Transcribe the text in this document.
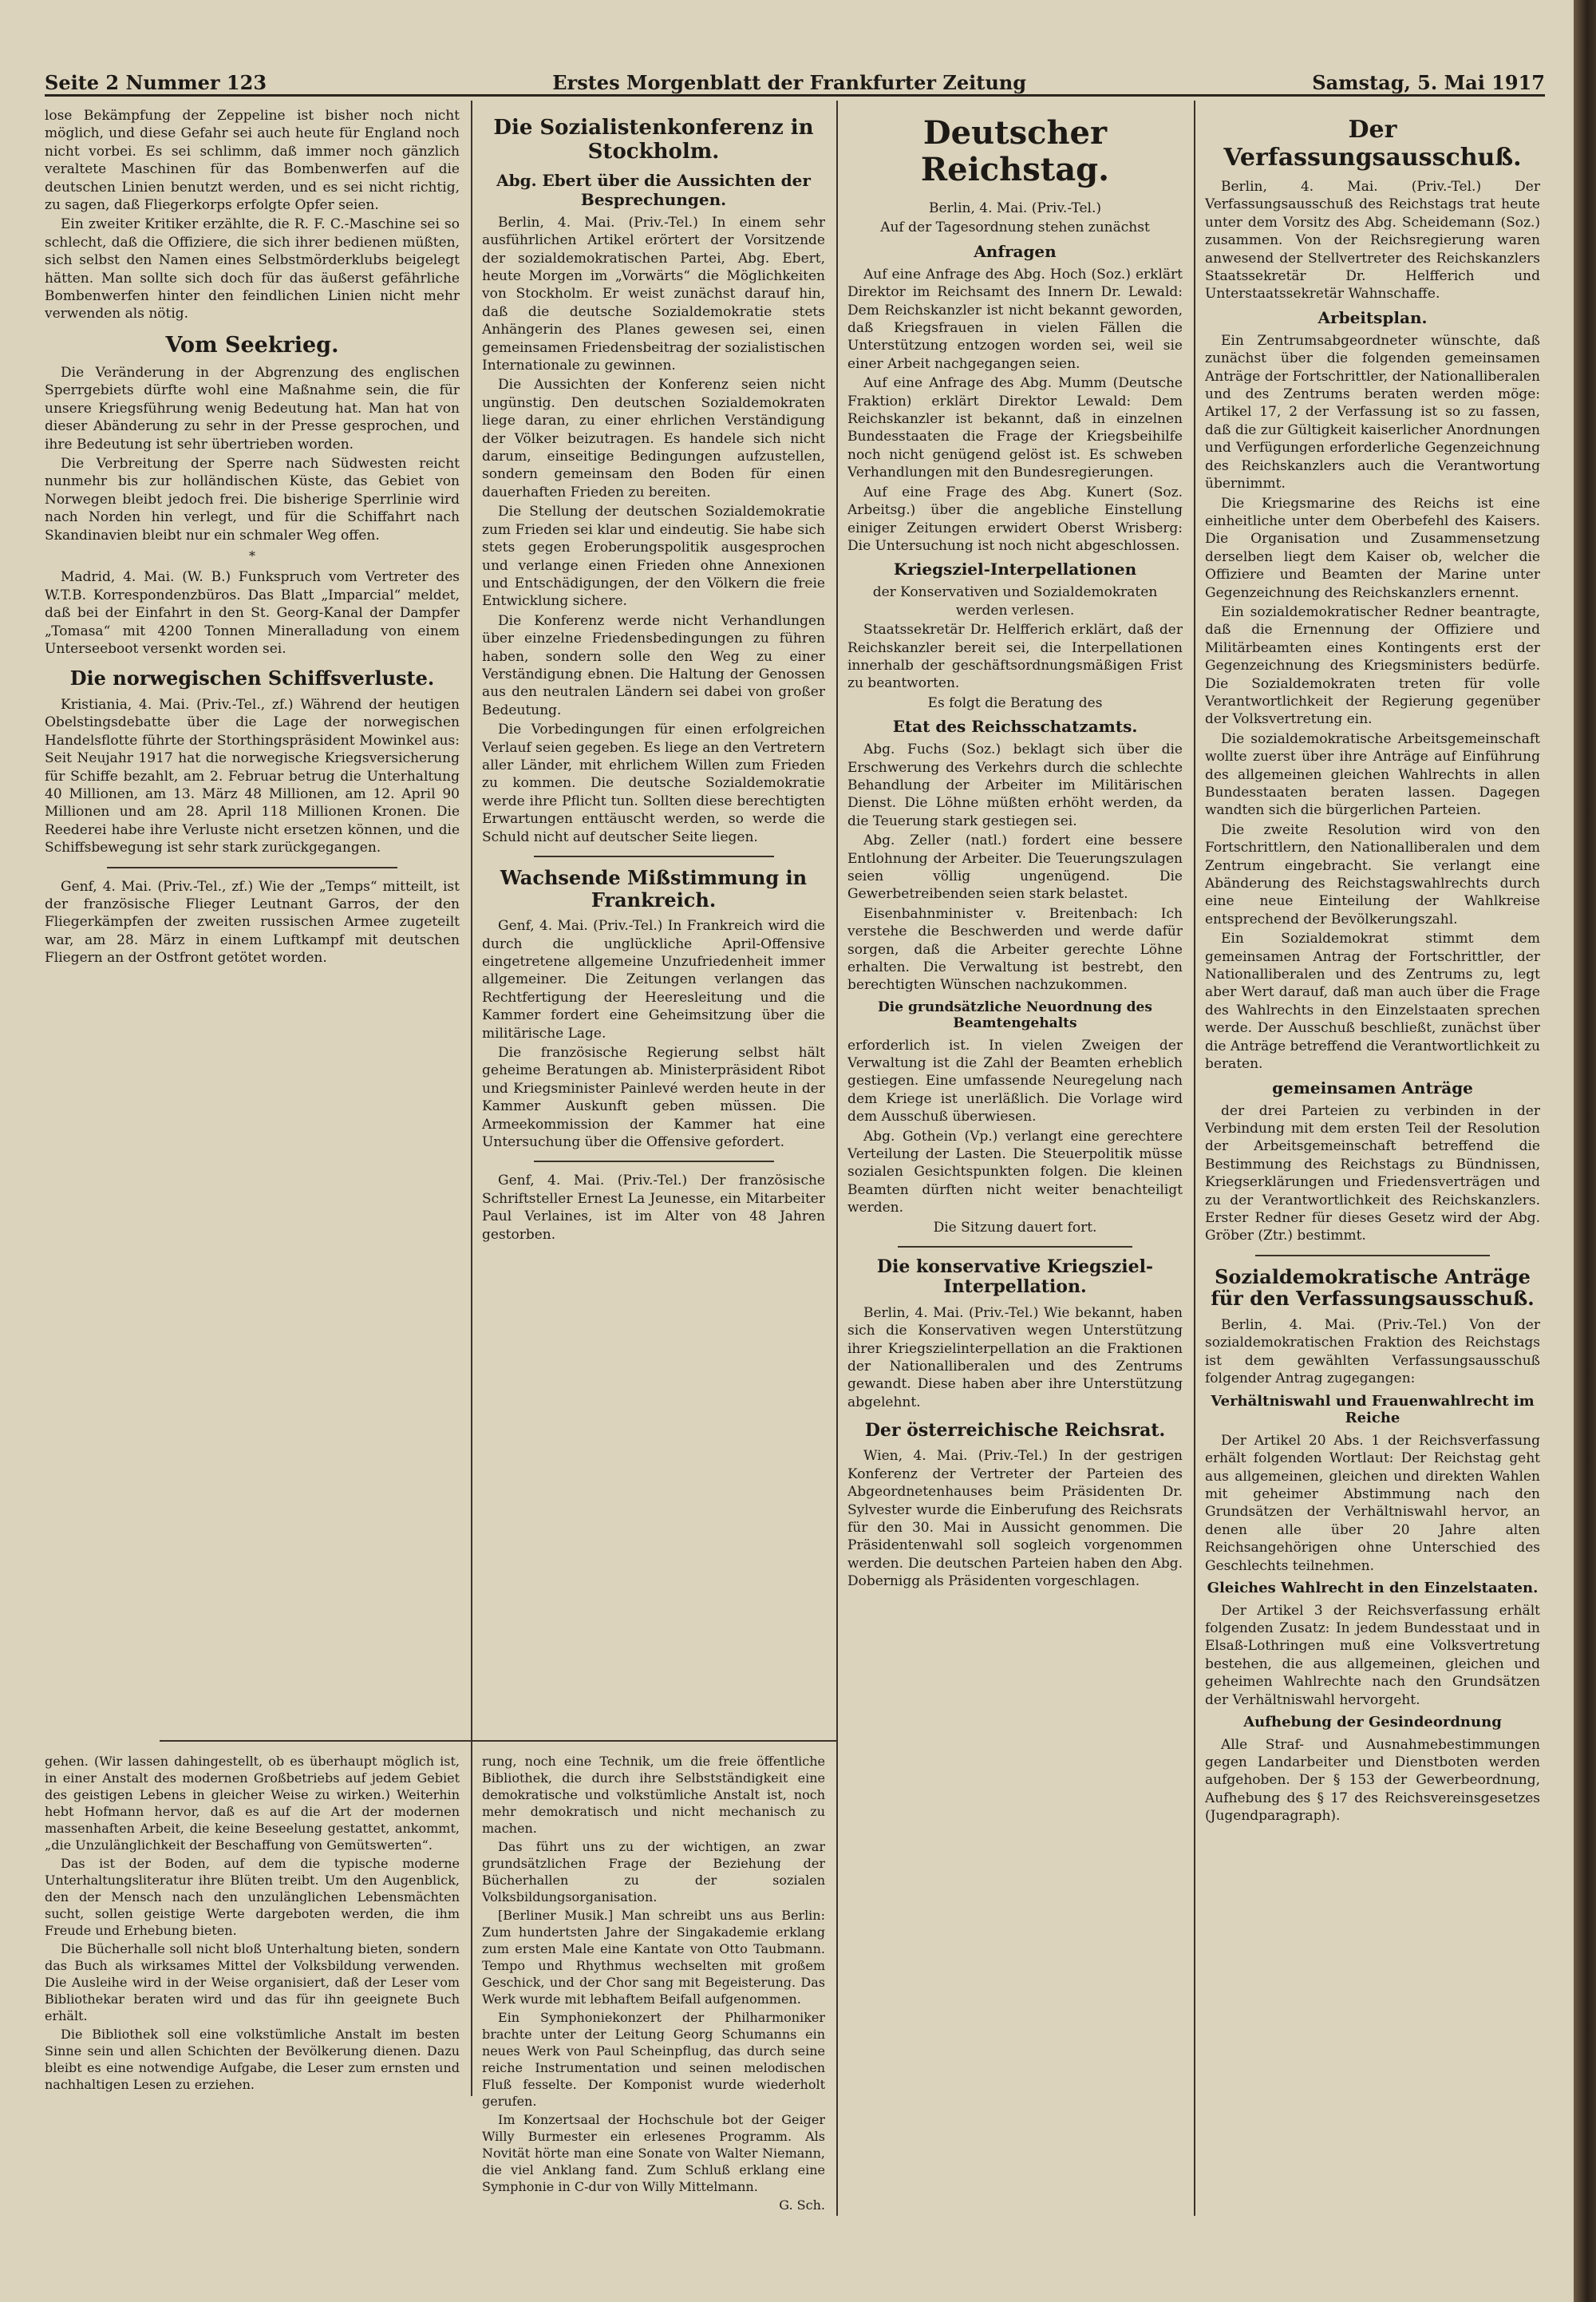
Seite 2 Nummer 123	Erstes Morgenblatt der Frankfurter Zeitung	Samstag, 5. Mai 1917

lose Bekämpfung der Zeppeline ist bisher noch nicht möglich, und diese Gefahr sei auch heute für England noch nicht vorbei. Es sei schlimm, daß immer noch gänzlich veraltete Maschinen für das Bombenwerfen auf die deutschen Linien benutzt werden, und es sei nicht richtig, zu sagen, daß Fliegerkorps erfolgte Opfer seien.

Ein zweiter Kritiker erzählte, die R. F. C.-Maschine sei so schlecht, daß die Offiziere, die sich ihrer bedienen müßten, sich selbst den Namen eines Selbstmörderklubs beigelegt hätten. Man sollte sich doch für das äußerst gefährliche Bombenwerfen hinter den feindlichen Linien nicht mehr verwenden als nötig.

Vom Seekrieg.

Die Veränderung in der Abgrenzung des englischen Sperrgebiets dürfte wohl eine Maßnahme sein, die für unsere Kriegsführung wenig Bedeutung hat. Man hat von dieser Abänderung zu sehr in der Presse gesprochen, und ihre Bedeutung ist sehr übertrieben worden.

Die Verbreitung der Sperre nach Südwesten reicht nunmehr bis zur holländischen Küste, das Gebiet von Norwegen bleibt jedoch frei. Die bisherige Sperrlinie wird nach Norden hin verlegt, und für die Schiffahrt nach Skandinavien bleibt nur ein schmaler Weg offen.

*

Madrid, 4. Mai. (W. B.) Funkspruch vom Vertreter des W.T.B. Korrespondenzbüros. Das Blatt „Imparcial“ meldet, daß bei der Einfahrt in den St. Georg-Kanal der Dampfer „Tomasa“ mit 4200 Tonnen Mineralladung von einem Unterseeboot versenkt worden sei.

Die norwegischen Schiffsverluste.

Kristiania, 4. Mai. (Priv.-Tel., zf.) Während der heutigen Obelstingsdebatte über die Lage der norwegischen Handelsflotte führte der Storthingspräsident Mowinkel aus: Seit Neujahr 1917 hat die norwegische Kriegsversicherung für Schiffe bezahlt, am 2. Februar betrug die Unterhaltung 40 Millionen, am 13. März 48 Millionen, am 12. April 90 Millionen und am 28. April 118 Millionen Kronen. Die Reederei habe ihre Verluste nicht ersetzen können, und die Schiffsbewegung ist sehr stark zurückgegangen.

Genf, 4. Mai. (Priv.-Tel., zf.) Wie der „Temps“ mitteilt, ist der französische Flieger Leutnant Garros, der den Fliegerkämpfen der zweiten russischen Armee zugeteilt war, am 28. März in einem Luftkampf mit deutschen Fliegern an der Ostfront getötet worden.

Die Sozialistenkonferenz in Stockholm.
Abg. Ebert über die Aussichten der Besprechungen.

Berlin, 4. Mai. (Priv.-Tel.) In einem sehr ausführlichen Artikel erörtert der Vorsitzende der sozialdemokratischen Partei, Abg. Ebert, heute Morgen im „Vorwärts“ die Möglichkeiten von Stockholm. Er weist zunächst darauf hin, daß die deutsche Sozialdemokratie stets Anhängerin des Planes gewesen sei, einen gemeinsamen Friedensbeitrag der sozialistischen Internationale zu gewinnen.

Die Aussichten der Konferenz seien nicht ungünstig. Den deutschen Sozialdemokraten liege daran, zu einer ehrlichen Verständigung der Völker beizutragen. Es handele sich nicht darum, einseitige Bedingungen aufzustellen, sondern gemeinsam den Boden für einen dauerhaften Frieden zu bereiten.

Die Stellung der deutschen Sozialdemokratie zum Frieden sei klar und eindeutig. Sie habe sich stets gegen Eroberungspolitik ausgesprochen und verlange einen Frieden ohne Annexionen und Entschädigungen, der den Völkern die freie Entwicklung sichere.

Die Konferenz werde nicht Verhandlungen über einzelne Friedensbedingungen zu führen haben, sondern solle den Weg zu einer Verständigung ebnen. Die Haltung der Genossen aus den neutralen Ländern sei dabei von großer Bedeutung.

Die Vorbedingungen für einen erfolgreichen Verlauf seien gegeben. Es liege an den Vertretern aller Länder, mit ehrlichem Willen zum Frieden zu kommen. Die deutsche Sozialdemokratie werde ihre Pflicht tun. Sollten diese berechtigten Erwartungen enttäuscht werden, so werde die Schuld nicht auf deutscher Seite liegen.

Wachsende Mißstimmung in Frankreich.

Genf, 4. Mai. (Priv.-Tel.) In Frankreich wird die durch die unglückliche April-Offensive eingetretene allgemeine Unzufriedenheit immer allgemeiner. Die Zeitungen verlangen das Rechtfertigung der Heeresleitung und die Kammer fordert eine Geheimsitzung über die militärische Lage.

Die französische Regierung selbst hält geheime Beratungen ab. Ministerpräsident Ribot und Kriegsminister Painlevé werden heute in der Kammer Auskunft geben müssen. Die Armeekommission der Kammer hat eine Untersuchung über die Offensive gefordert.

Genf, 4. Mai. (Priv.-Tel.) Der französische Schriftsteller Ernest La Jeunesse, ein Mitarbeiter Paul Verlaines, ist im Alter von 48 Jahren gestorben.

Deutscher Reichstag.

Berlin, 4. Mai. (Priv.-Tel.)

Auf der Tagesordnung stehen zunächst

Anfragen

Auf eine Anfrage des Abg. Hoch (Soz.) erklärt Direktor im Reichsamt des Innern Dr. Lewald: Dem Reichskanzler ist nicht bekannt geworden, daß Kriegsfrauen in vielen Fällen die Unterstützung entzogen worden sei, weil sie einer Arbeit nachgegangen seien.

Auf eine Anfrage des Abg. Mumm (Deutsche Fraktion) erklärt Direktor Lewald: Dem Reichskanzler ist bekannt, daß in einzelnen Bundesstaaten die Frage der Kriegsbeihilfe noch nicht genügend gelöst ist. Es schweben Verhandlungen mit den Bundesregierungen.

Auf eine Frage des Abg. Kunert (Soz. Arbeitsg.) über die angebliche Einstellung einiger Zeitungen erwidert Oberst Wrisberg: Die Untersuchung ist noch nicht abgeschlossen.

Kriegsziel-Interpellationen

der Konservativen und Sozialdemokraten werden verlesen.

Staatssekretär Dr. Helfferich erklärt, daß der Reichskanzler bereit sei, die Interpellationen innerhalb der geschäftsordnungsmäßigen Frist zu beantworten.

Es folgt die Beratung des

Etat des Reichsschatzamts.

Abg. Fuchs (Soz.) beklagt sich über die Erschwerung des Verkehrs durch die schlechte Behandlung der Arbeiter im Militärischen Dienst. Die Löhne müßten erhöht werden, da die Teuerung stark gestiegen sei.

Abg. Zeller (natl.) fordert eine bessere Entlohnung der Arbeiter. Die Teuerungszulagen seien völlig ungenügend. Die Gewerbetreibenden seien stark belastet.

Eisenbahnminister v. Breitenbach: Ich verstehe die Beschwerden und werde dafür sorgen, daß die Arbeiter gerechte Löhne erhalten. Die Verwaltung ist bestrebt, den berechtigten Wünschen nachzukommen.

Die grundsätzliche Neuordnung des Beamtengehalts

erforderlich ist. In vielen Zweigen der Verwaltung ist die Zahl der Beamten erheblich gestiegen. Eine umfassende Neuregelung nach dem Kriege ist unerläßlich. Die Vorlage wird dem Ausschuß überwiesen.

Abg. Gothein (Vp.) verlangt eine gerechtere Verteilung der Lasten. Die Steuerpolitik müsse sozialen Gesichtspunkten folgen. Die kleinen Beamten dürften nicht weiter benachteiligt werden.

Die Sitzung dauert fort.

Die konservative Kriegsziel-Interpellation.

Berlin, 4. Mai. (Priv.-Tel.) Wie bekannt, haben sich die Konservativen wegen Unterstützung ihrer Kriegszielinterpellation an die Fraktionen der Nationalliberalen und des Zentrums gewandt. Diese haben aber ihre Unterstützung abgelehnt.

Der österreichische Reichsrat.

Wien, 4. Mai. (Priv.-Tel.) In der gestrigen Konferenz der Vertreter der Parteien des Abgeordnetenhauses beim Präsidenten Dr. Sylvester wurde die Einberufung des Reichsrats für den 30. Mai in Aussicht genommen. Die Präsidentenwahl soll sogleich vorgenommen werden. Die deutschen Parteien haben den Abg. Dobernigg als Präsidenten vorgeschlagen.

Der Verfassungsausschuß.

Berlin, 4. Mai. (Priv.-Tel.) Der Verfassungsausschuß des Reichstags trat heute unter dem Vorsitz des Abg. Scheidemann (Soz.) zusammen. Von der Reichsregierung waren anwesend der Stellvertreter des Reichskanzlers Staatssekretär Dr. Helfferich und Unterstaatssekretär Wahnschaffe.

Arbeitsplan.

Ein Zentrumsabgeordneter wünschte, daß zunächst über die folgenden gemeinsamen Anträge der Fortschrittler, der Nationalliberalen und des Zentrums beraten werden möge: Artikel 17, 2 der Verfassung ist so zu fassen, daß die zur Gültigkeit kaiserlicher Anordnungen und Verfügungen erforderliche Gegenzeichnung des Reichskanzlers auch die Verantwortung übernimmt.

Die Kriegsmarine des Reichs ist eine einheitliche unter dem Oberbefehl des Kaisers. Die Organisation und Zusammensetzung derselben liegt dem Kaiser ob, welcher die Offiziere und Beamten der Marine unter Gegenzeichnung des Reichskanzlers ernennt.

Ein sozialdemokratischer Redner beantragte, daß die Ernennung der Offiziere und Militärbeamten eines Kontingents erst der Gegenzeichnung des Kriegsministers bedürfe. Die Sozialdemokraten treten für volle Verantwortlichkeit der Regierung gegenüber der Volksvertretung ein.

Die sozialdemokratische Arbeitsgemeinschaft wollte zuerst über ihre Anträge auf Einführung des allgemeinen gleichen Wahlrechts in allen Bundesstaaten beraten lassen. Dagegen wandten sich die bürgerlichen Parteien.

Die zweite Resolution wird von den Fortschrittlern, den Nationalliberalen und dem Zentrum eingebracht. Sie verlangt eine Abänderung des Reichstagswahlrechts durch eine neue Einteilung der Wahlkreise entsprechend der Bevölkerungszahl.

Ein Sozialdemokrat stimmt dem gemeinsamen Antrag der Fortschrittler, der Nationalliberalen und des Zentrums zu, legt aber Wert darauf, daß man auch über die Frage des Wahlrechts in den Einzelstaaten sprechen werde. Der Ausschuß beschließt, zunächst über die Anträge betreffend die Verantwortlichkeit zu beraten.

gemeinsamen Anträge

der drei Parteien zu verbinden in der Verbindung mit dem ersten Teil der Resolution der Arbeitsgemeinschaft betreffend die Bestimmung des Reichstags zu Bündnissen, Kriegserklärungen und Friedensverträgen und zu der Verantwortlichkeit des Reichskanzlers. Erster Redner für dieses Gesetz wird der Abg. Gröber (Ztr.) bestimmt.

Sozialdemokratische Anträge für den Verfassungsausschuß.

Berlin, 4. Mai. (Priv.-Tel.) Von der sozialdemokratischen Fraktion des Reichstags ist dem gewählten Verfassungsausschuß folgender Antrag zugegangen:

Verhältniswahl und Frauenwahlrecht im Reiche

Der Artikel 20 Abs. 1 der Reichsverfassung erhält folgenden Wortlaut: Der Reichstag geht aus allgemeinen, gleichen und direkten Wahlen mit geheimer Abstimmung nach den Grundsätzen der Verhältniswahl hervor, an denen alle über 20 Jahre alten Reichsangehörigen ohne Unterschied des Geschlechts teilnehmen.

Gleiches Wahlrecht in den Einzelstaaten.

Der Artikel 3 der Reichsverfassung erhält folgenden Zusatz: In jedem Bundesstaat und in Elsaß-Lothringen muß eine Volksvertretung bestehen, die aus allgemeinen, gleichen und geheimen Wahlrechte nach den Grundsätzen der Verhältniswahl hervorgeht.

Aufhebung der Gesindeordnung

Alle Straf- und Ausnahmebestimmungen gegen Landarbeiter und Dienstboten werden aufgehoben. Der § 153 der Gewerbeordnung, Aufhebung des § 17 des Reichsvereinsgesetzes (Jugendparagraph).

gehen. (Wir lassen dahingestellt, ob es überhaupt möglich ist, in einer Anstalt des modernen Großbetriebs auf jedem Gebiet des geistigen Lebens in gleicher Weise zu wirken.) Weiterhin hebt Hofmann hervor, daß es auf die Art der modernen massenhaften Arbeit, die keine Beseelung gestattet, ankommt, „die Unzulänglichkeit der Beschaffung von Gemütswerten“.

Das ist der Boden, auf dem die typische moderne Unterhaltungsliteratur ihre Blüten treibt. Um den Augenblick, den der Mensch nach den unzulänglichen Lebensmächten sucht, sollen geistige Werte dargeboten werden, die ihm Freude und Erhebung bieten.

Die Bücherhalle soll nicht bloß Unterhaltung bieten, sondern das Buch als wirksames Mittel der Volksbildung verwenden. Die Ausleihe wird in der Weise organisiert, daß der Leser vom Bibliothekar beraten wird und das für ihn geeignete Buch erhält.

Die Bibliothek soll eine volkstümliche Anstalt im besten Sinne sein und allen Schichten der Bevölkerung dienen. Dazu bleibt es eine notwendige Aufgabe, die Leser zum ernsten und nachhaltigen Lesen zu erziehen.

rung, noch eine Technik, um die freie öffentliche Bibliothek, die durch ihre Selbstständigkeit eine demokratische und volkstümliche Anstalt ist, noch mehr demokratisch und nicht mechanisch zu machen.

Das führt uns zu der wichtigen, an zwar grundsätzlichen Frage der Beziehung der Bücherhallen zu der sozialen Volksbildungsorganisation.

[Berliner Musik.] Man schreibt uns aus Berlin: Zum hundertsten Jahre der Singakademie erklang zum ersten Male eine Kantate von Otto Taubmann. Tempo und Rhythmus wechselten mit großem Geschick, und der Chor sang mit Begeisterung. Das Werk wurde mit lebhaftem Beifall aufgenommen.

Ein Symphoniekonzert der Philharmoniker brachte unter der Leitung Georg Schumanns ein neues Werk von Paul Scheinpflug, das durch seine reiche Instrumentation und seinen melodischen Fluß fesselte. Der Komponist wurde wiederholt gerufen.

Im Konzertsaal der Hochschule bot der Geiger Willy Burmester ein erlesenes Programm. Als Novität hörte man eine Sonate von Walter Niemann, die viel Anklang fand. Zum Schluß erklang eine Symphonie in C-dur von Willy Mittelmann.

G. Sch.
